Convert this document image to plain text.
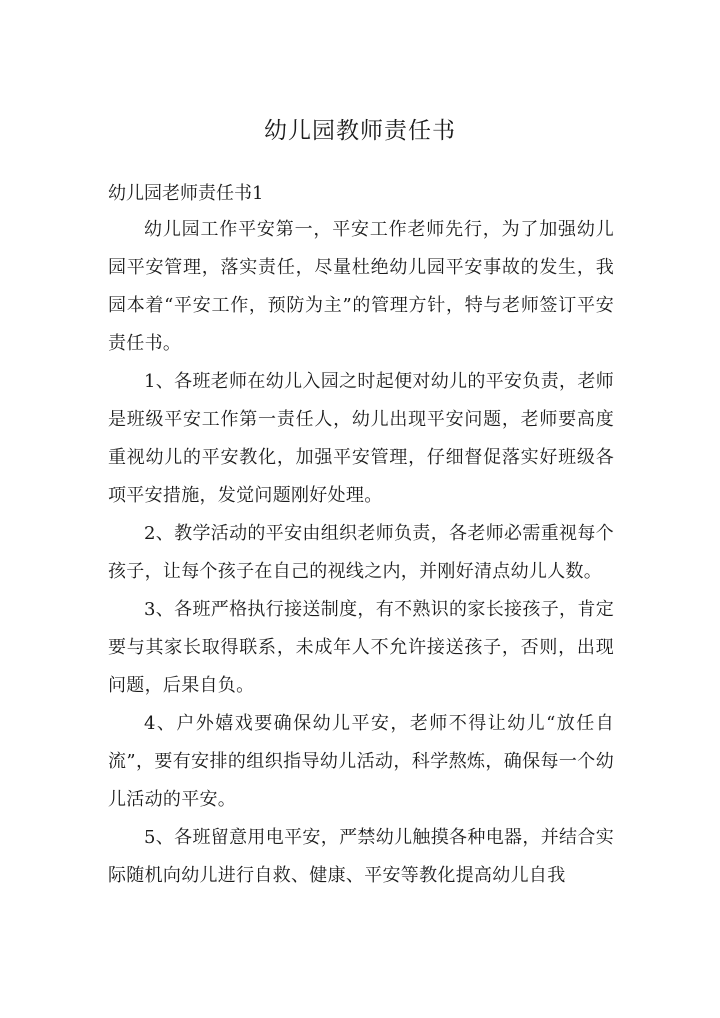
幼儿园教师责任书

幼儿园老师责任书1

幼儿园工作平安第一，平安工作老师先行，为了加强幼儿园平安管理，落实责任，尽量杜绝幼儿园平安事故的发生，我园本着“平安工作，预防为主”的管理方针，特与老师签订平安责任书。

1、各班老师在幼儿入园之时起便对幼儿的平安负责，老师是班级平安工作第一责任人，幼儿出现平安问题，老师要高度重视幼儿的平安教化，加强平安管理，仔细督促落实好班级各项平安措施，发觉问题刚好处理。

2、教学活动的平安由组织老师负责，各老师必需重视每个孩子，让每个孩子在自己的视线之内，并刚好清点幼儿人数。

3、各班严格执行接送制度，有不熟识的家长接孩子，肯定要与其家长取得联系，未成年人不允许接送孩子，否则，出现问题，后果自负。

4、户外嬉戏要确保幼儿平安，老师不得让幼儿“放任自流”，要有安排的组织指导幼儿活动，科学熬炼，确保每一个幼儿活动的平安。

5、各班留意用电平安，严禁幼儿触摸各种电器，并结合实际随机向幼儿进行自救、健康、平安等教化提高幼儿自我
